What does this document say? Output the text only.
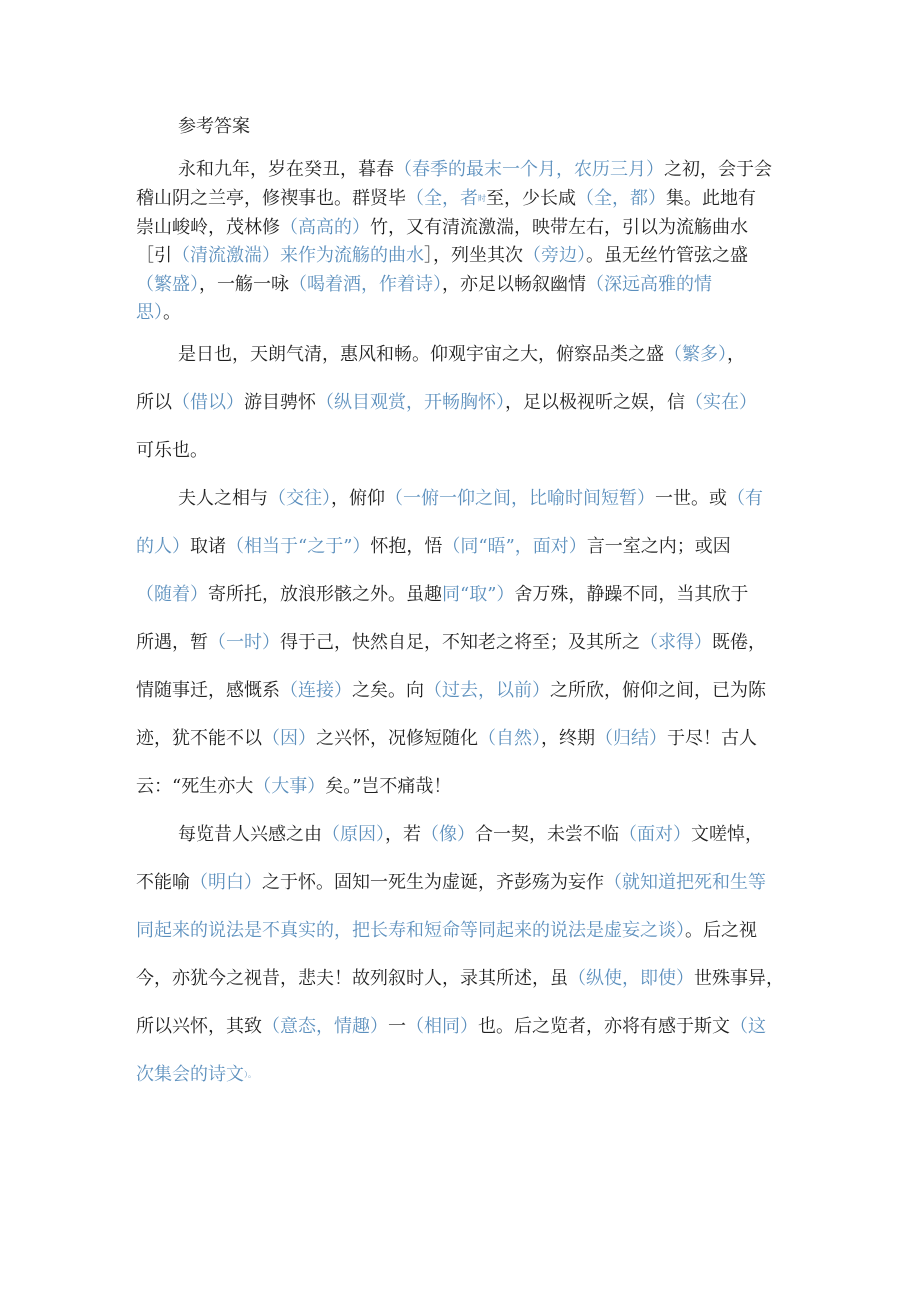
参考答案
永和九年，岁在癸丑，暮春（春季的最末一个月，农历三月）之初，会于会
稽山阴之兰亭，修禊事也。群贤毕（全，者时至，少长咸（全，都）集。此地有
崇山峻岭，茂林修（高高的）竹，又有清流激湍，映带左右，引以为流觞曲水
［引（清流激湍）来作为流觞的曲水］，列坐其次（旁边）。虽无丝竹管弦之盛
（繁盛），一觞一咏（喝着酒，作着诗），亦足以畅叙幽情（深远高雅的情
思）。
是日也，天朗气清，惠风和畅。仰观宇宙之大，俯察品类之盛（繁多），
所以（借以）游目骋怀（纵目观赏，开畅胸怀），足以极视听之娱，信（实在）
可乐也。
夫人之相与（交往），俯仰（一俯一仰之间，比喻时间短暂）一世。或（有
的人）取诸（相当于“之于”）怀抱，悟（同“晤”，面对）言一室之内；或因
（随着）寄所托，放浪形骸之外。虽趣同“取”）舍万殊，静躁不同，当其欣于
所遇，暂（一时）得于己，快然自足，不知老之将至；及其所之（求得）既倦，
情随事迁，感慨系（连接）之矣。向（过去，以前）之所欣，俯仰之间，已为陈
迹，犹不能不以（因）之兴怀，况修短随化（自然），终期（归结）于尽！古人
云：“死生亦大（大事）矣。”岂不痛哉！
每览昔人兴感之由（原因），若（像）合一契，未尝不临（面对）文嗟悼，
不能喻（明白）之于怀。固知一死生为虚诞，齐彭殇为妄作（就知道把死和生等
同起来的说法是不真实的，把长寿和短命等同起来的说法是虚妄之谈）。后之视
今，亦犹今之视昔，悲夫！故列叙时人，录其所述，虽（纵使，即使）世殊事异，
所以兴怀，其致（意态，情趣）一（相同）也。后之览者，亦将有感于斯文（这
次集会的诗文）。
